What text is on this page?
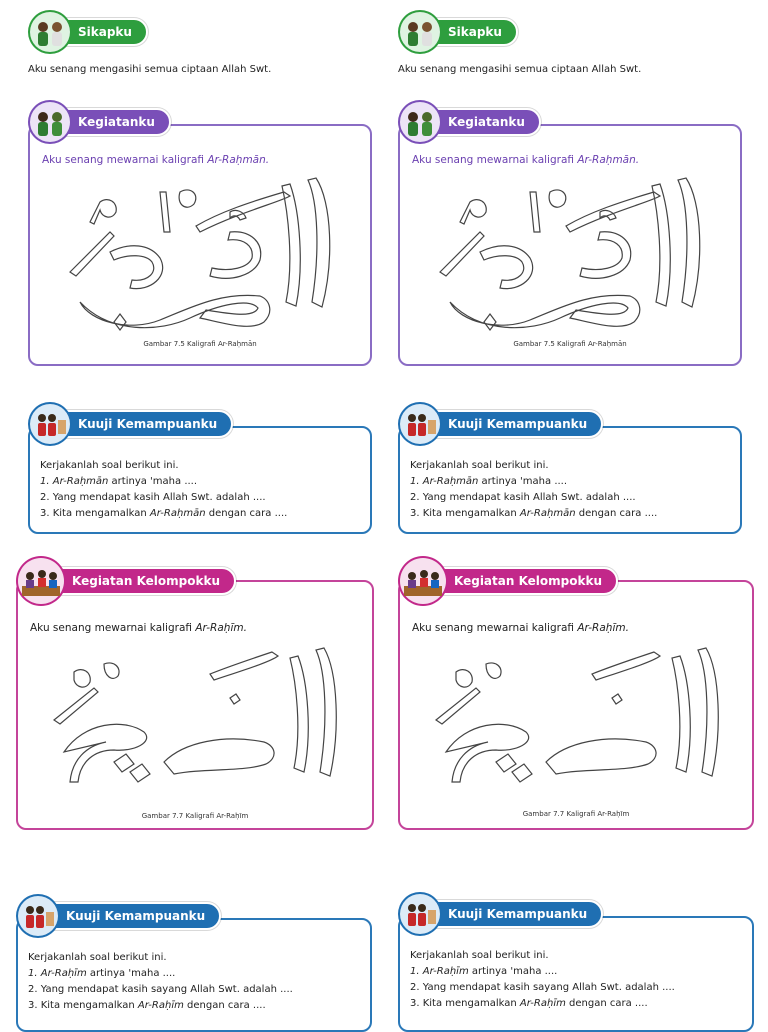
Sikapku
Aku senang mengasihi semua ciptaan Allah Swt.
Aku senang mewarnai kaligrafi Ar-Raḥmān.
Gambar 7.5 Kaligrafi Ar-Raḥmān
Kegiatanku
Kerjakanlah soal berikut ini.
1. Ar-Raḥmān artinya 'maha ....
2. Yang mendapat kasih Allah Swt. adalah ....
3. Kita mengamalkan Ar-Raḥmān dengan cara ....
Kuuji Kemampuanku
Aku senang mewarnai kaligrafi Ar-Raḥīm.
Gambar 7.7 Kaligrafi Ar-Raḥīm
Kegiatan Kelompokku
Kerjakanlah soal berikut ini.
1. Ar-Raḥīm artinya 'maha ....
2. Yang mendapat kasih sayang Allah Swt. adalah ....
3. Kita mengamalkan Ar-Raḥīm dengan cara ....
Kuuji Kemampuanku
Sikapku
Aku senang mengasihi semua ciptaan Allah Swt.
Aku senang mewarnai kaligrafi Ar-Raḥmān.
Gambar 7.5 Kaligrafi Ar-Raḥmān
Kegiatanku
Kerjakanlah soal berikut ini.
1. Ar-Raḥmān artinya 'maha ....
2. Yang mendapat kasih Allah Swt. adalah ....
3. Kita mengamalkan Ar-Raḥmān dengan cara ....
Kuuji Kemampuanku
Aku senang mewarnai kaligrafi Ar-Raḥīm.
Gambar 7.7 Kaligrafi Ar-Raḥīm
Kegiatan Kelompokku
Kerjakanlah soal berikut ini.
1. Ar-Raḥīm artinya 'maha ....
2. Yang mendapat kasih sayang Allah Swt. adalah ....
3. Kita mengamalkan Ar-Raḥīm dengan cara ....
Kuuji Kemampuanku
